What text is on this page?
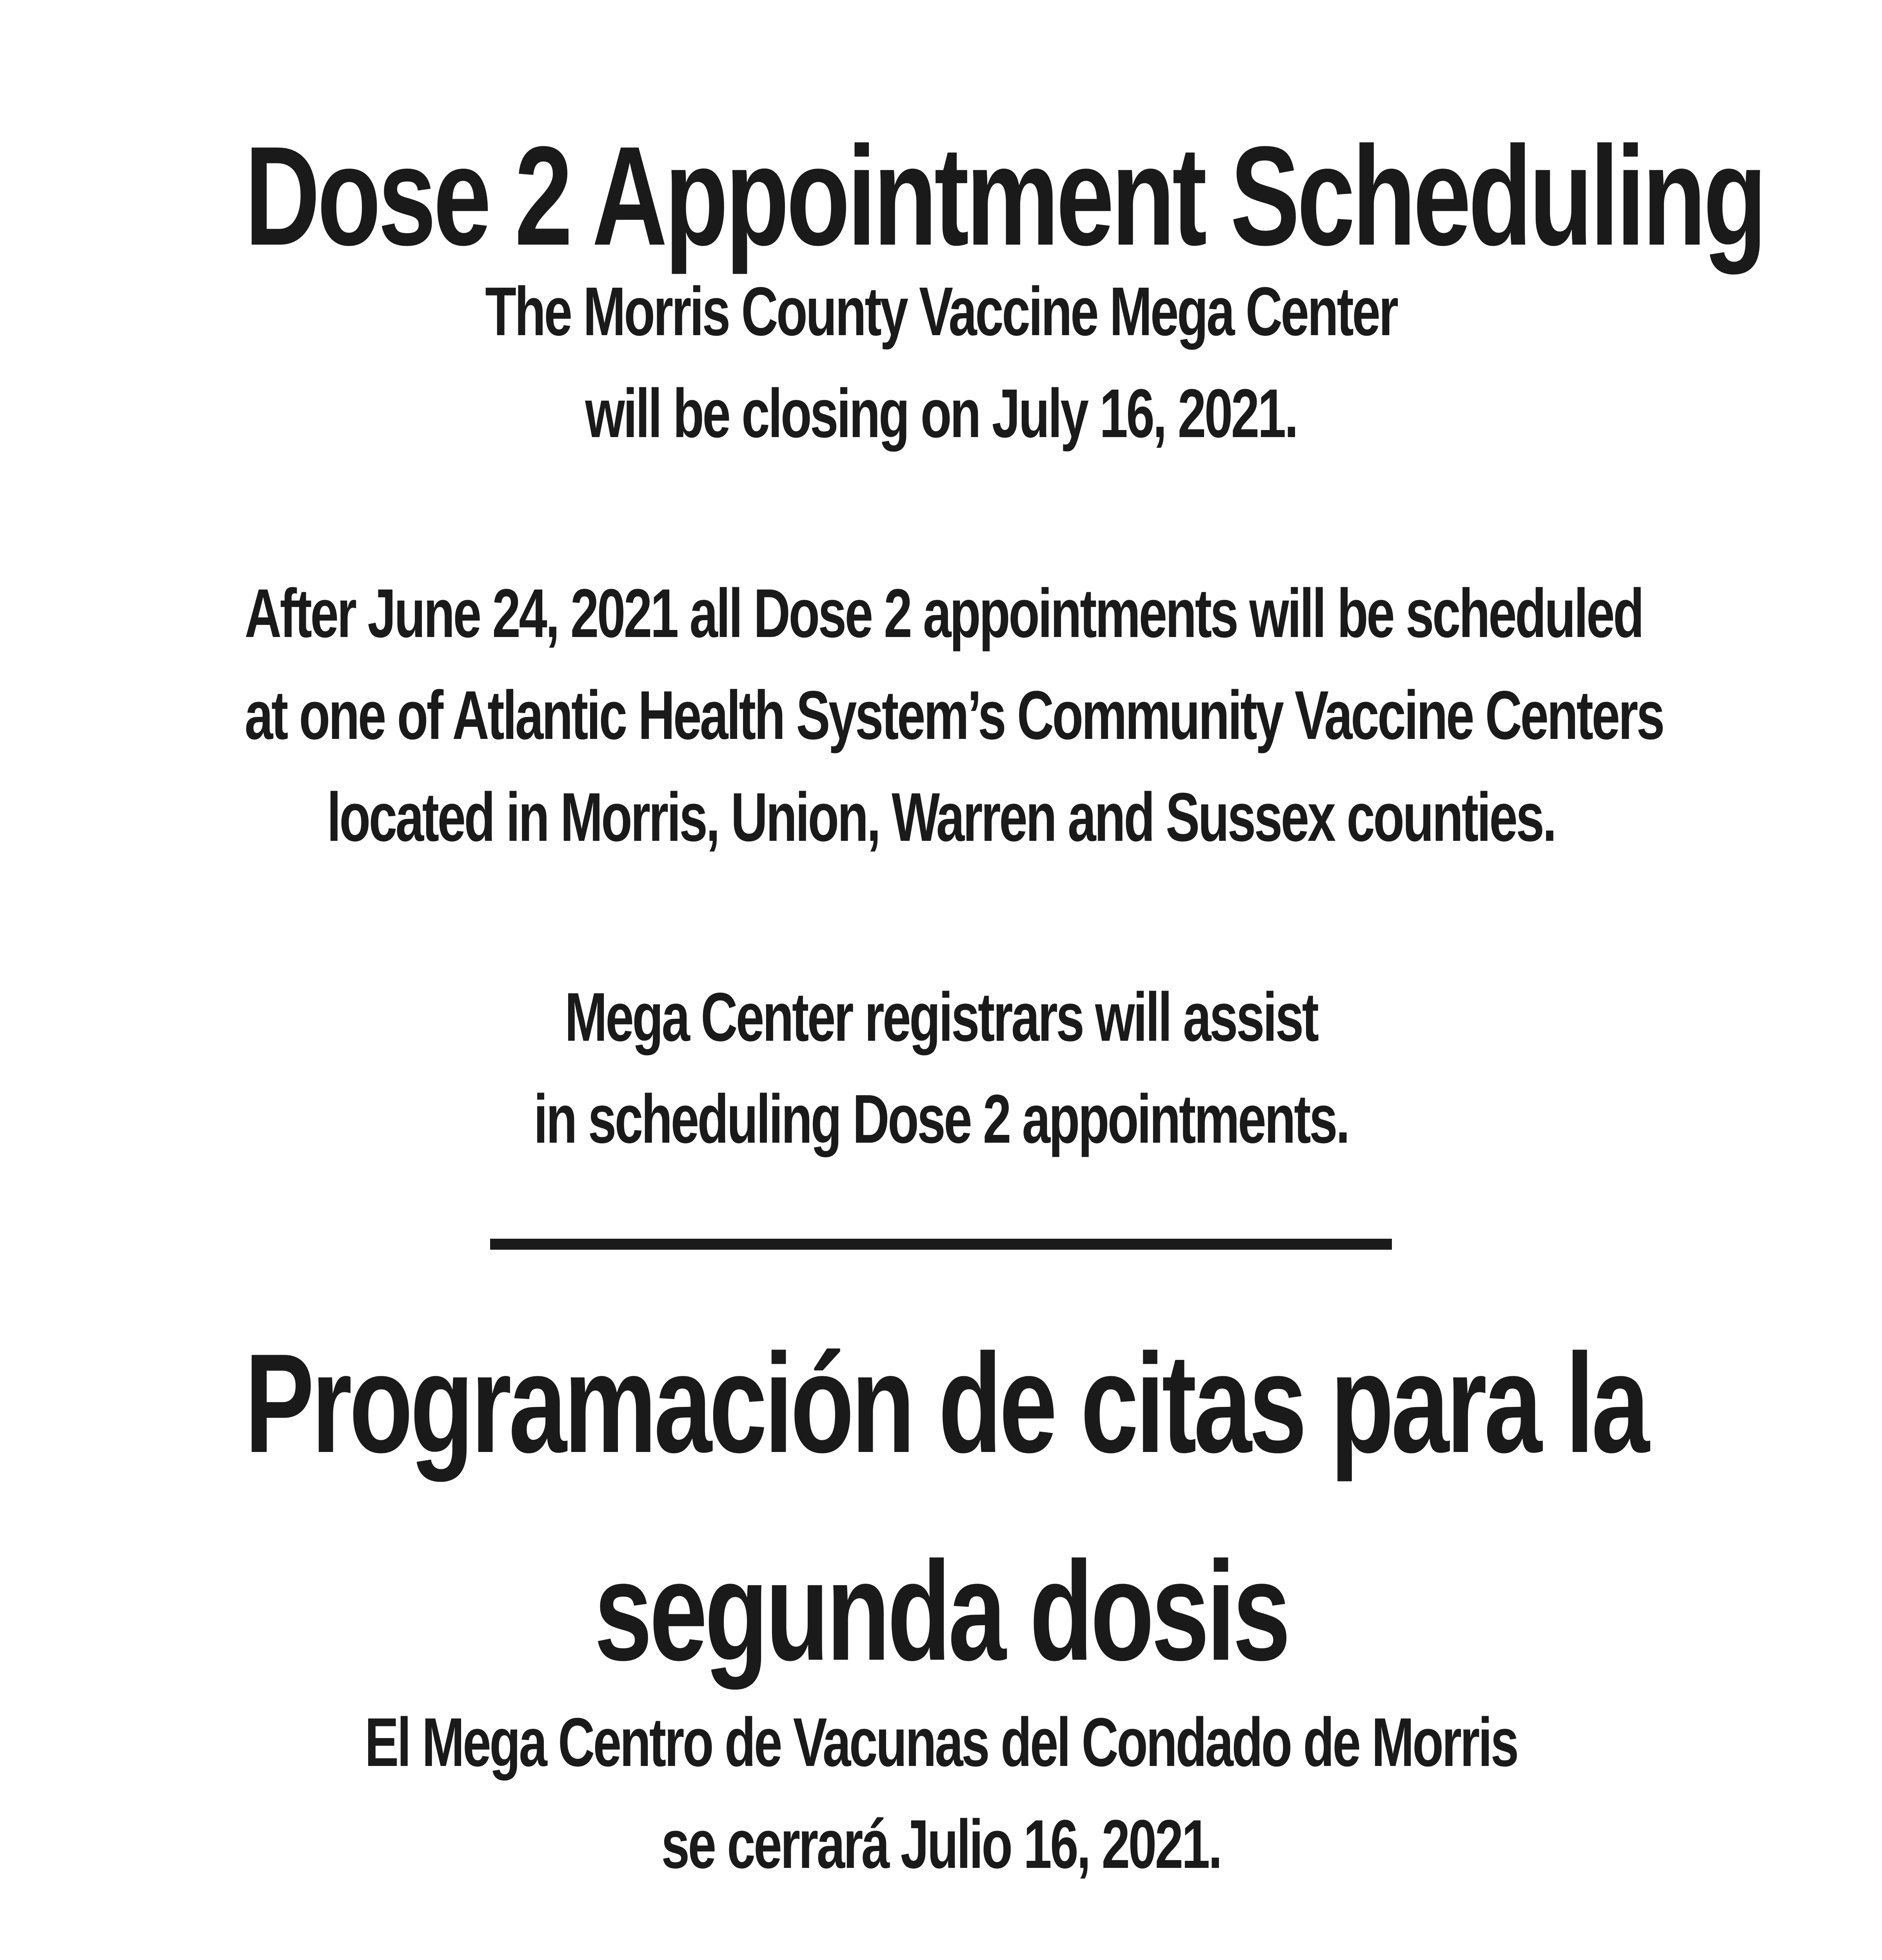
Dose 2 Appointment Scheduling
The Morris County Vaccine Mega Center
will be closing on July 16, 2021.
After June 24, 2021 all Dose 2 appointments will be scheduled
at one of Atlantic Health System’s Community Vaccine Centers
located in Morris, Union, Warren and Sussex counties.
Mega Center registrars will assist
in scheduling Dose 2 appointments.
Programación de citas para la
segunda dosis
El Mega Centro de Vacunas del Condado de Morris
se cerrará Julio 16, 2021.
